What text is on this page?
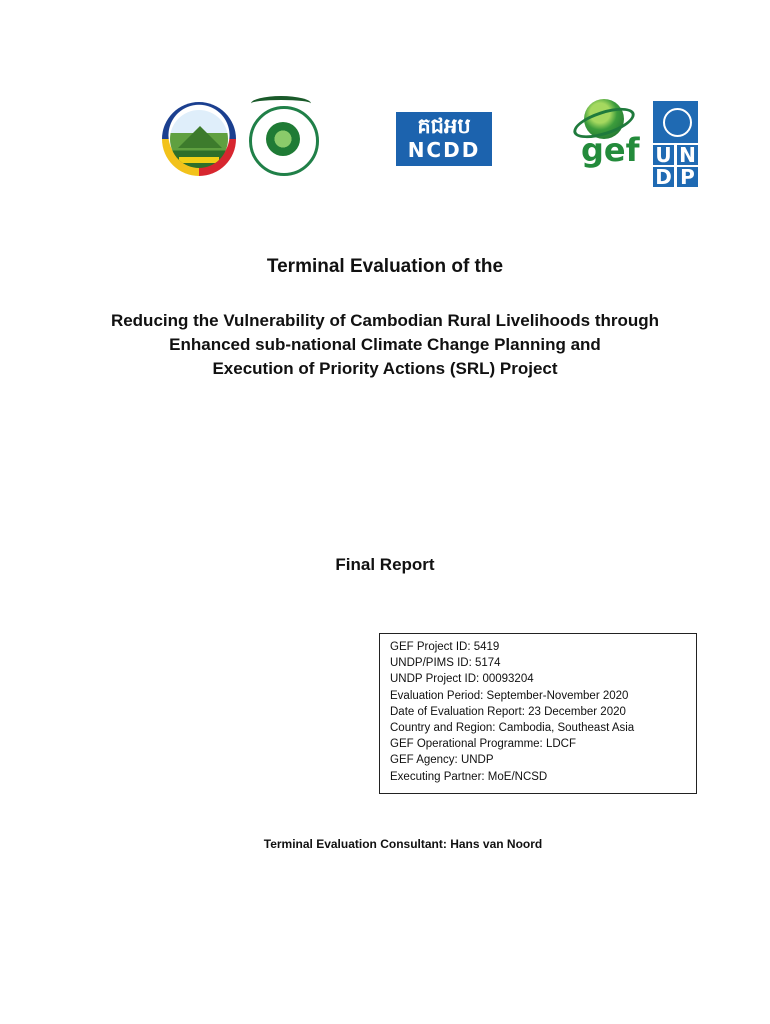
គជអប
NCDD	gef U N
D P
Terminal Evaluation of the
Reducing the Vulnerability of Cambodian Rural Livelihoods through
Enhanced sub-national Climate Change Planning and
Execution of Priority Actions (SRL) Project
Final Report
GEF Project ID: 5419
UNDP/PIMS ID: 5174
UNDP Project ID: 00093204
Evaluation Period: September-November 2020
Date of Evaluation Report: 23 December 2020
Country and Region: Cambodia, Southeast Asia
GEF Operational Programme: LDCF
GEF Agency: UNDP
Executing Partner: MoE/NCSD
Terminal Evaluation Consultant: Hans van Noord
